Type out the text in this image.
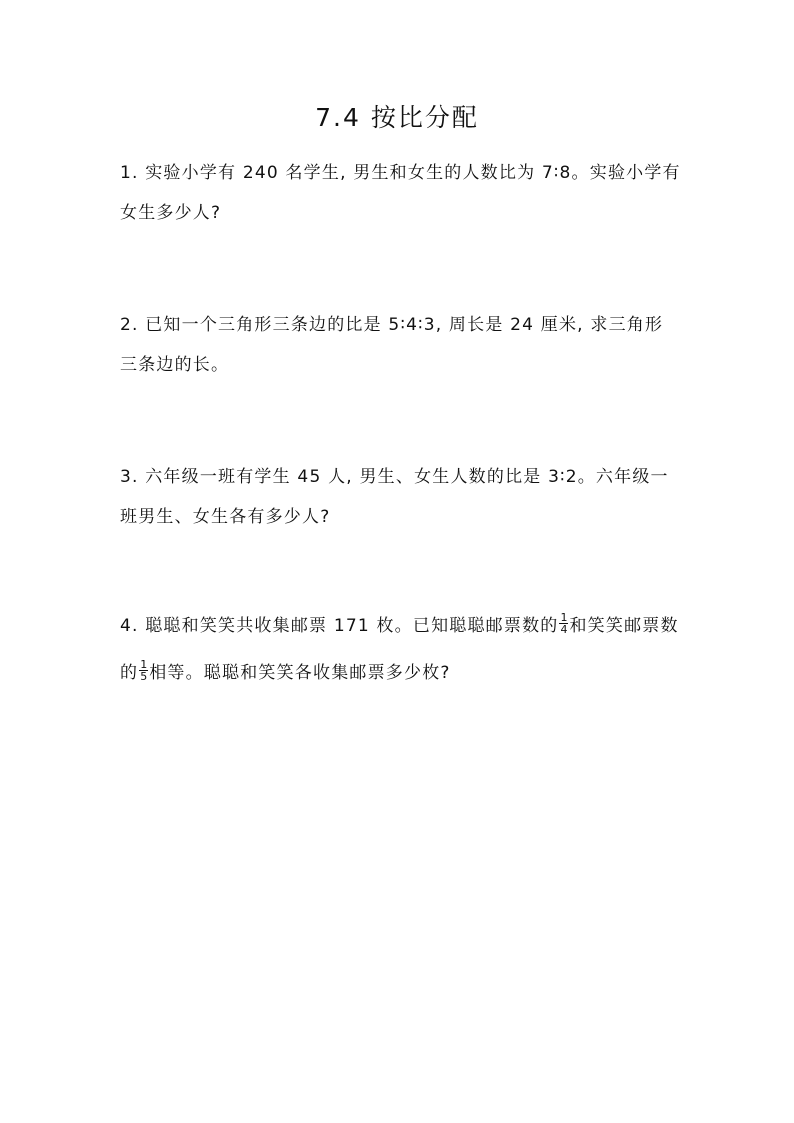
7.4 按比分配
1. 实验小学有 240 名学生, 男生和女生的人数比为 7∶8。实验小学有
女生多少人?
2. 已知一个三角形三条边的比是 5∶4∶3, 周长是 24 厘米, 求三角形
三条边的长。
3. 六年级一班有学生 45 人, 男生、女生人数的比是 3∶2。六年级一
班男生、女生各有多少人?
4. 聪聪和笑笑共收集邮票 171 枚。已知聪聪邮票数的 $\frac{1}{4}$ 和笑笑邮票数
的 $\frac{1}{5}$ 相等。聪聪和笑笑各收集邮票多少枚?
